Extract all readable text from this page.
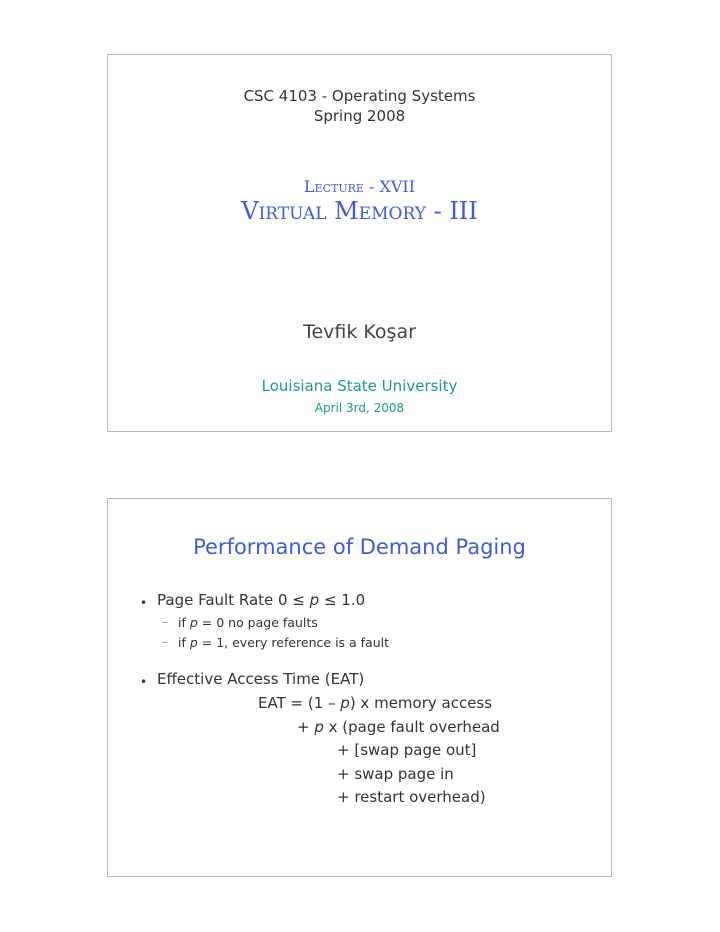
CSC 4103 - Operating Systems
Spring 2008
Lecture - XVII
Virtual Memory - III
Tevfik Koşar
Louisiana State University
April 3rd, 2008
Performance of Demand Paging
• Page Fault Rate 0 ≤ p ≤ 1.0
– if p = 0 no page faults
– if p = 1, every reference is a fault
• Effective Access Time (EAT)
EAT = (1 – p) x memory access
+ p x (page fault overhead
+ [swap page out]
+ swap page in
+ restart overhead)
